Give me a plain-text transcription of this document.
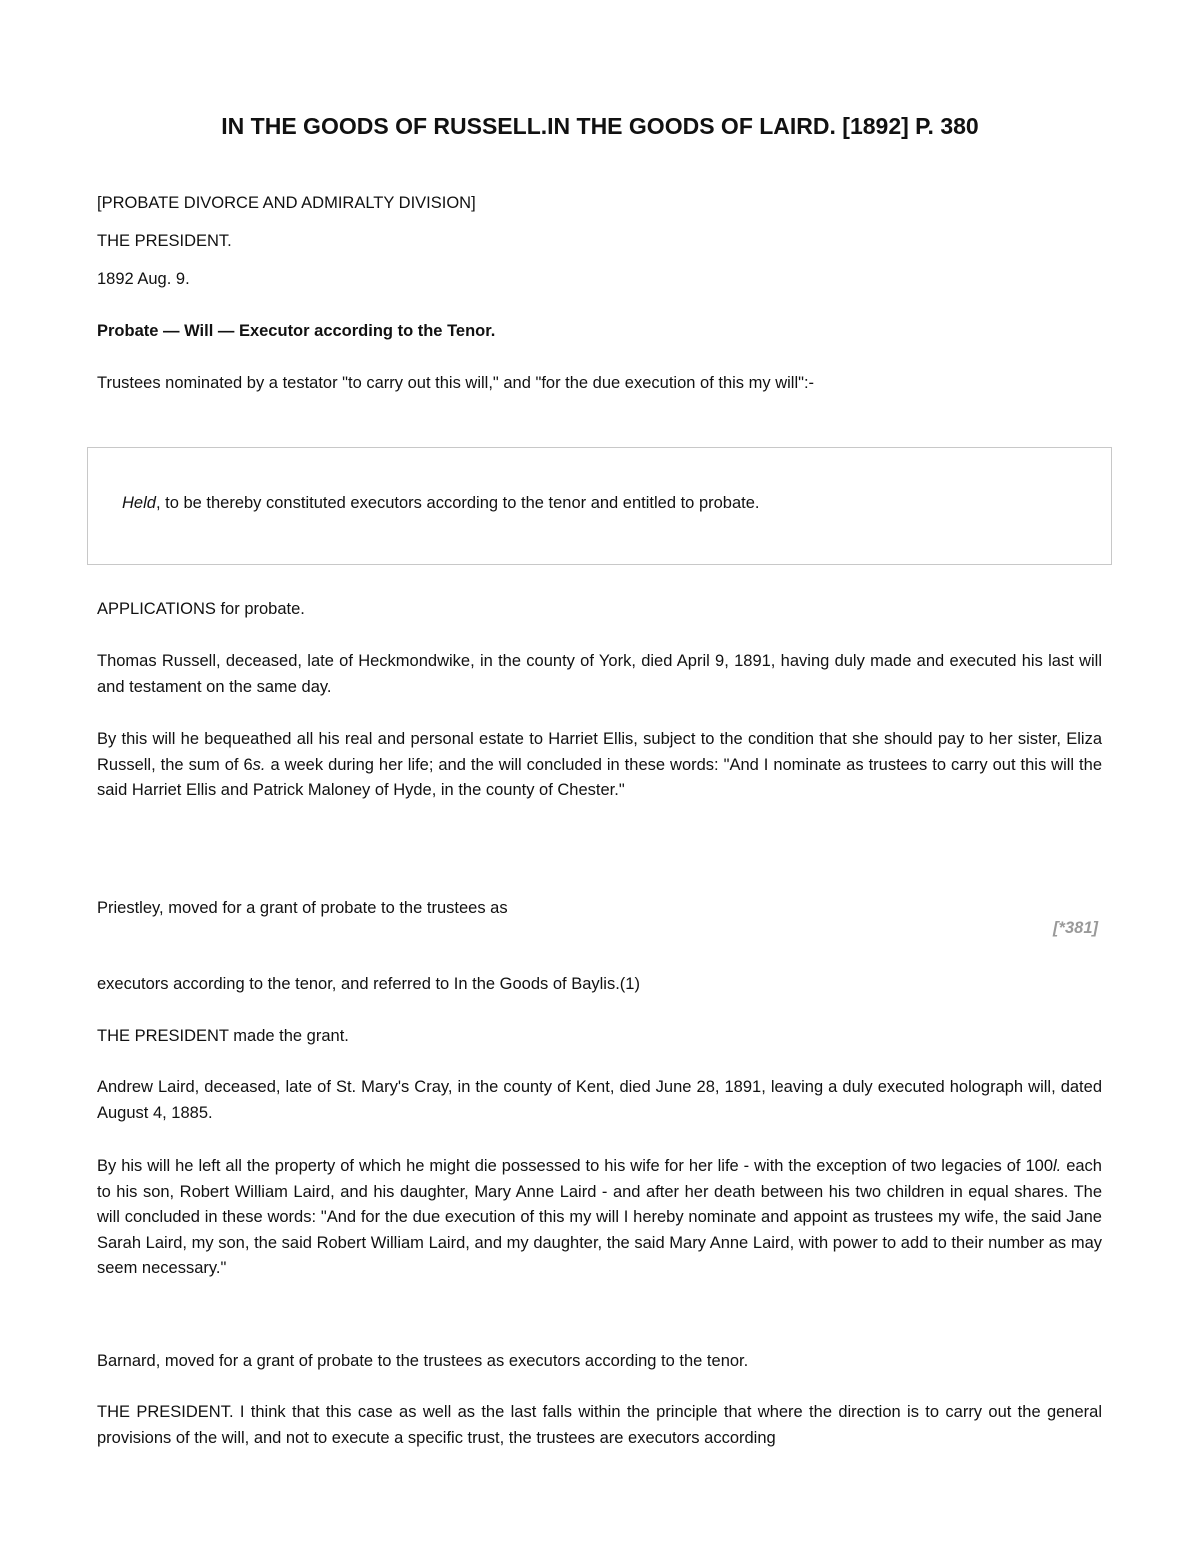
IN THE GOODS OF RUSSELL.IN THE GOODS OF LAIRD. [1892] P. 380
[PROBATE DIVORCE AND ADMIRALTY DIVISION]
THE PRESIDENT.
1892 Aug. 9.
Probate — Will — Executor according to the Tenor.
Trustees nominated by a testator "to carry out this will," and "for the due execution of this my will":-
Held, to be thereby constituted executors according to the tenor and entitled to probate.
APPLICATIONS for probate.
Thomas Russell, deceased, late of Heckmondwike, in the county of York, died April 9, 1891, having duly made and executed his last will and testament on the same day.
By this will he bequeathed all his real and personal estate to Harriet Ellis, subject to the condition that she should pay to her sister, Eliza Russell, the sum of 6s. a week during her life; and the will concluded in these words: "And I nominate as trustees to carry out this will the said Harriet Ellis and Patrick Maloney of Hyde, in the county of Chester."
Priestley, moved for a grant of probate to the trustees as
[*381]
executors according to the tenor, and referred to In the Goods of Baylis.(1)
THE PRESIDENT made the grant.
Andrew Laird, deceased, late of St. Mary's Cray, in the county of Kent, died June 28, 1891, leaving a duly executed holograph will, dated August 4, 1885.
By his will he left all the property of which he might die possessed to his wife for her life - with the exception of two legacies of 100l. each to his son, Robert William Laird, and his daughter, Mary Anne Laird - and after her death between his two children in equal shares. The will concluded in these words: "And for the due execution of this my will I hereby nominate and appoint as trustees my wife, the said Jane Sarah Laird, my son, the said Robert William Laird, and my daughter, the said Mary Anne Laird, with power to add to their number as may seem necessary."
Barnard, moved for a grant of probate to the trustees as executors according to the tenor.
THE PRESIDENT. I think that this case as well as the last falls within the principle that where the direction is to carry out the general provisions of the will, and not to execute a specific trust, the trustees are executors according
